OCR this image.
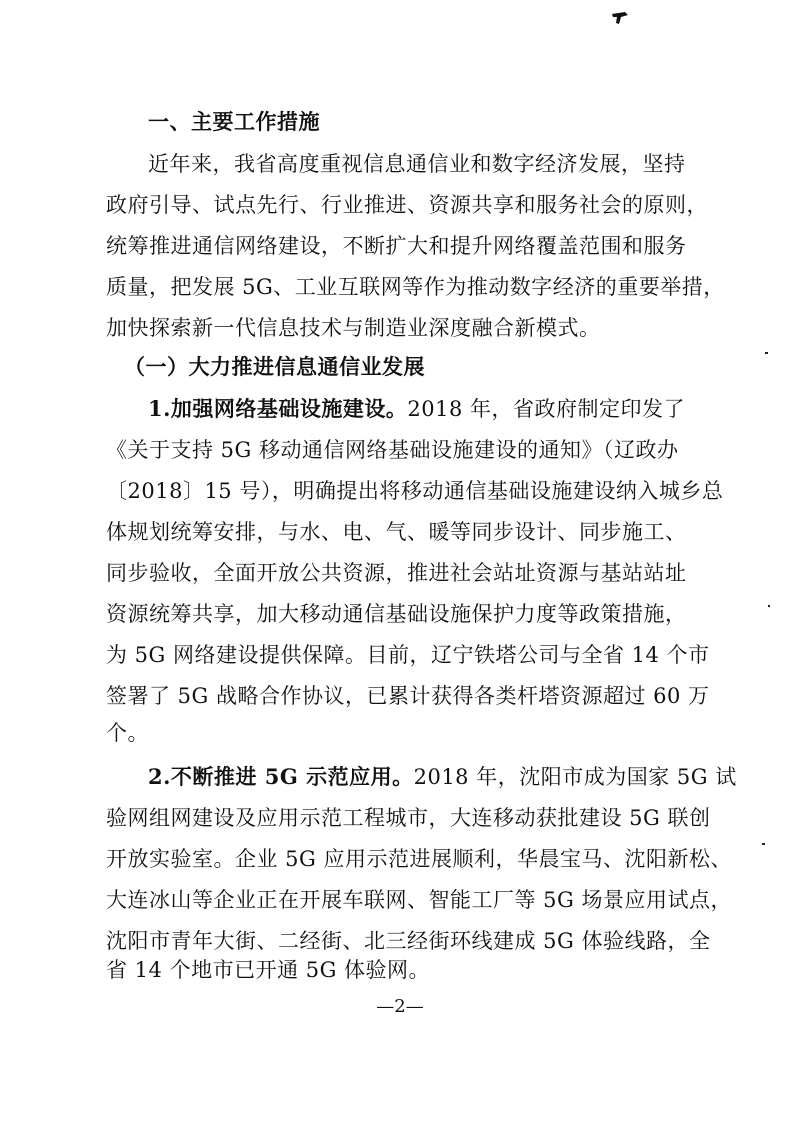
一、主要工作措施
近年来，我省高度重视信息通信业和数字经济发展，坚持
政府引导、试点先行、行业推进、资源共享和服务社会的原则，
统筹推进通信网络建设，不断扩大和提升网络覆盖范围和服务
质量，把发展 5G、工业互联网等作为推动数字经济的重要举措，
加快探索新一代信息技术与制造业深度融合新模式。
（一）大力推进信息通信业发展
1.加强网络基础设施建设。2018 年，省政府制定印发了
《关于支持 5G 移动通信网络基础设施建设的通知》（辽政办
〔2018〕15 号），明确提出将移动通信基础设施建设纳入城乡总
体规划统筹安排，与水、电、气、暖等同步设计、同步施工、
同步验收，全面开放公共资源，推进社会站址资源与基站站址
资源统筹共享，加大移动通信基础设施保护力度等政策措施，
为 5G 网络建设提供保障。目前，辽宁铁塔公司与全省 14 个市
签署了 5G 战略合作协议，已累计获得各类杆塔资源超过 60 万
个。
2.不断推进 5G 示范应用。2018 年，沈阳市成为国家 5G 试
验网组网建设及应用示范工程城市，大连移动获批建设 5G 联创
开放实验室。企业 5G 应用示范进展顺利，华晨宝马、沈阳新松、
大连冰山等企业正在开展车联网、智能工厂等 5G 场景应用试点，
沈阳市青年大街、二经街、北三经街环线建成 5G 体验线路，全
省 14 个地市已开通 5G 体验网。
—2—
